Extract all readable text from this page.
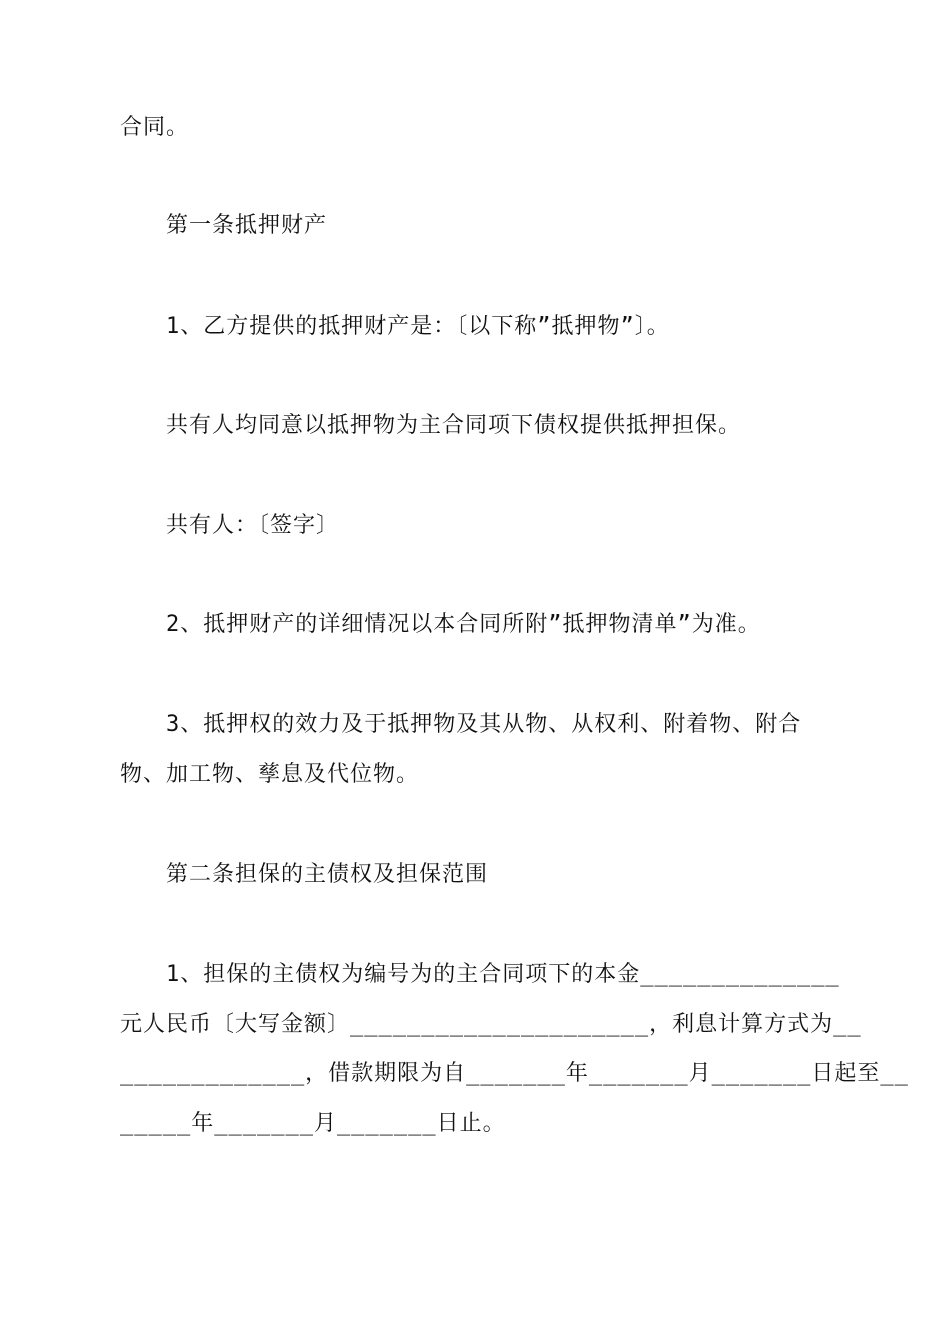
合同。
第一条抵押财产
1、乙方提供的抵押财产是：〔以下称”抵押物”〕。
共有人均同意以抵押物为主合同项下债权提供抵押担保。
共有人：〔签字〕
2、抵押财产的详细情况以本合同所附”抵押物清单”为准。
3、抵押权的效力及于抵押物及其从物、从权利、附着物、附合
物、加工物、孳息及代位物。
第二条担保的主债权及担保范围
1、担保的主债权为编号为的主合同项下的本金______________
元人民币〔大写金额〕_____________________，利息计算方式为__
_____________，借款期限为自_______年_______月_______日起至__
_____年_______月_______日止。
